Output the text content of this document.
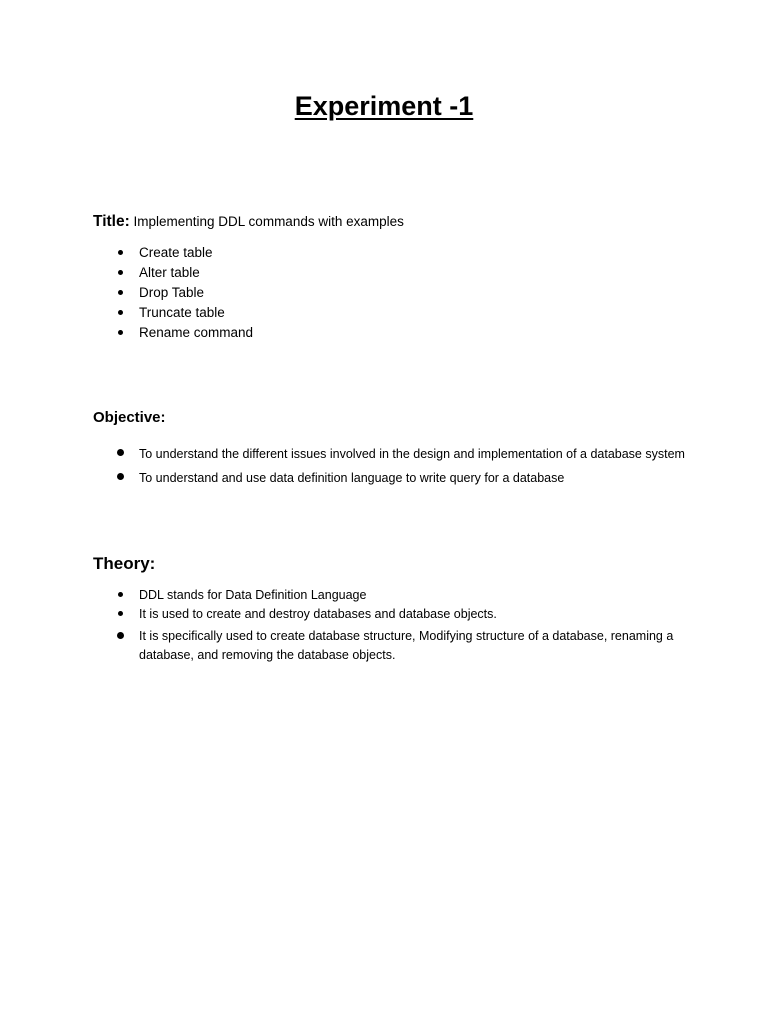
Experiment -1

Title: Implementing DDL commands with examples

Create table
Alter table
Drop Table
Truncate table
Rename command
Objective:
To understand the different issues involved in the design and implementation of a database system
To understand and use data definition language to write query for a database
Theory:
DDL stands for Data Definition Language
It is used to create and destroy databases and database objects.
It is specifically used to create database structure, Modifying structure of a database, renaming a database, and removing the database objects.
